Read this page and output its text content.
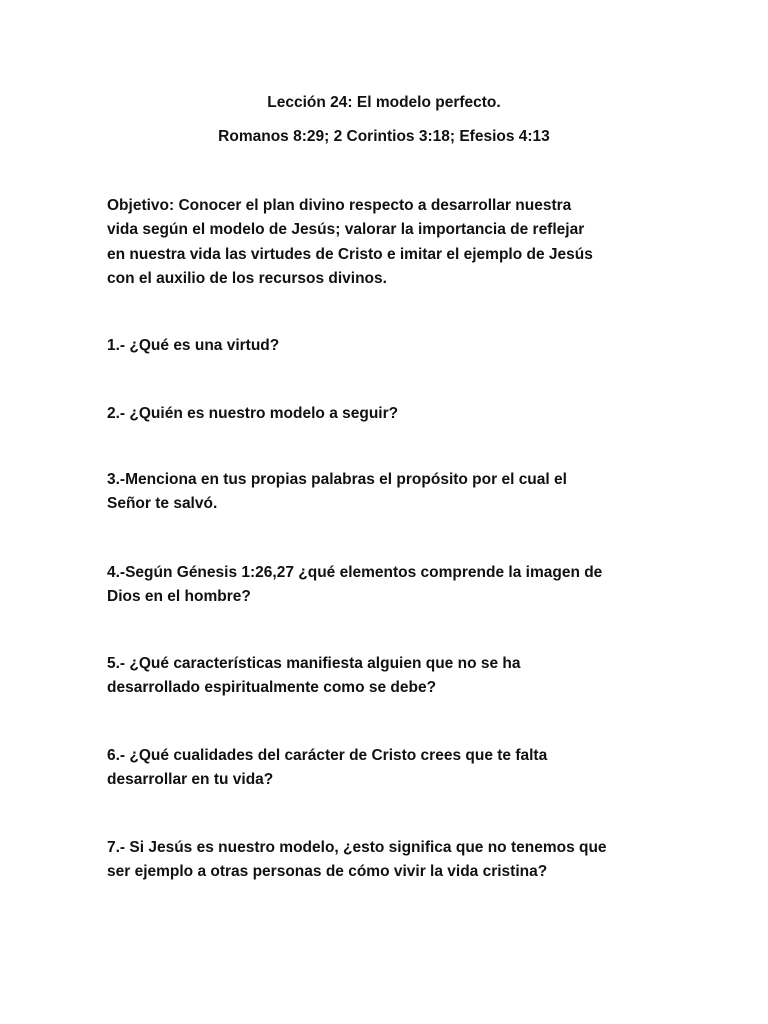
Lección 24: El modelo perfecto.
Romanos 8:29; 2 Corintios 3:18; Efesios 4:13
Objetivo: Conocer el plan divino respecto a desarrollar nuestra
vida según el modelo de Jesús; valorar la importancia de reflejar
en nuestra vida las virtudes de Cristo e imitar el ejemplo de Jesús
con el auxilio de los recursos divinos.
1.- ¿Qué es una virtud?
2.- ¿Quién es nuestro modelo a seguir?
3.-Menciona en tus propias palabras el propósito por el cual el
Señor te salvó.
4.-Según Génesis 1:26,27 ¿qué elementos comprende la imagen de
Dios en el hombre?
5.- ¿Qué características manifiesta alguien que no se ha
desarrollado espiritualmente como se debe?
6.- ¿Qué cualidades del carácter de Cristo crees que te falta
desarrollar en tu vida?
7.- Si Jesús es nuestro modelo, ¿esto significa que no tenemos que
ser ejemplo a otras personas de cómo vivir la vida cristina?
